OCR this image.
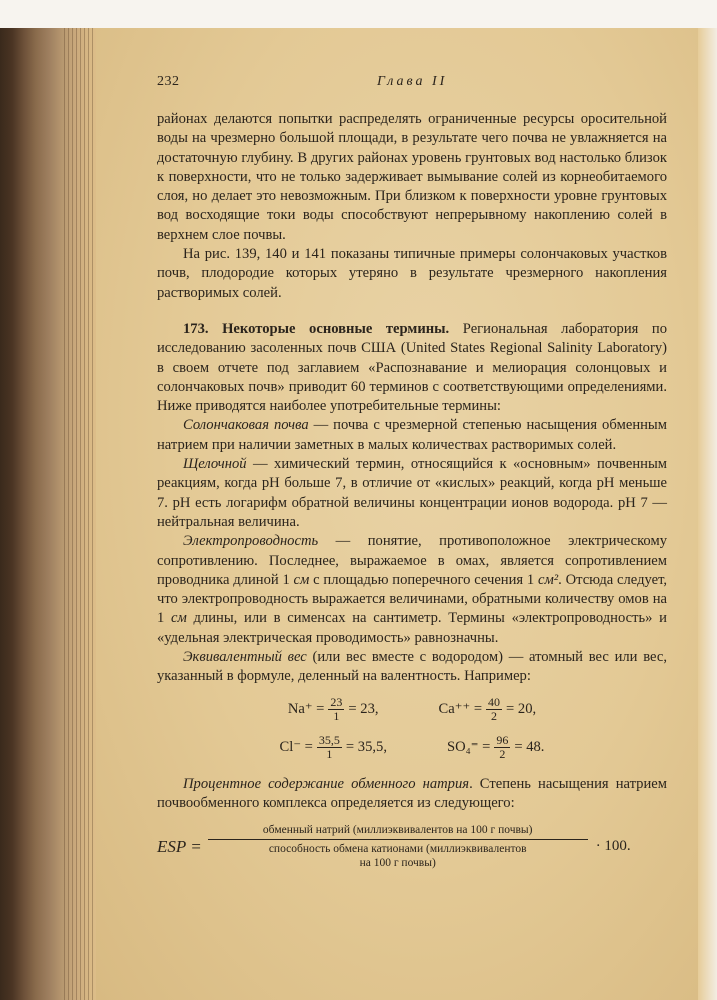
232	Глава II

районах делаются попытки распределять ограниченные ресурсы оросительной воды на чрезмерно большой площади, в результате чего почва не увлажняется на достаточную глубину. В других районах уровень грунтовых вод настолько близок к поверхности, что не только задерживает вымывание солей из корнеобитаемого слоя, но делает это невозможным. При близком к поверхности уровне грунтовых вод восходящие токи воды способствуют непрерывному накоплению солей в верхнем слое почвы.

На рис. 139, 140 и 141 показаны типичные примеры солончаковых участков почв, плодородие которых утеряно в результате чрезмерного накопления растворимых солей.

173. Некоторые основные термины. Региональная лаборатория по исследованию засоленных почв США (United States Regional Salinity Laboratory) в своем отчете под заглавием «Распознавание и мелиорация солонцовых и солончаковых почв» приводит 60 терминов с соответствующими определениями. Ниже приводятся наиболее употребительные термины:

Солончаковая почва — почва с чрезмерной степенью насыщения обменным натрием при наличии заметных в малых количествах растворимых солей.

Щелочной — химический термин, относящийся к «основным» почвенным реакциям, когда pH больше 7, в отличие от «кислых» реакций, когда pH меньше 7. pH есть логарифм обратной величины концентрации ионов водорода. pH 7 — нейтральная величина.

Электропроводность — понятие, противоположное электрическому сопротивлению. Последнее, выражаемое в омах, является сопротивлением проводника длиной 1 см с площадью поперечного сечения 1 см². Отсюда следует, что электропроводность выражается величинами, обратными количеству омов на 1 см длины, или в сименсах на сантиметр. Термины «электропроводность» и «удельная электрическая проводимость» равнозначны.

Эквивалентный вес (или вес вместе с водородом) — атомный вес или вес, указанный в формуле, деленный на валентность. Например:

$Na^+ = \frac{23}{1} = 23$,	$Ca^{++} = \frac{40}{2} = 20$,
$Cl^- = \frac{35,5}{1} = 35,5$,	$SO_4^= = \frac{96}{2} = 48$.

Процентное содержание обменного натрия. Степень насыщения натрием почвообменного комплекса определяется из следующего:

ESP =
обменный натрий (миллиэквивалентов на 100 г почвы)
способность обмена катионами (миллиэквивалентов
на 100 г почвы)
· 100.
